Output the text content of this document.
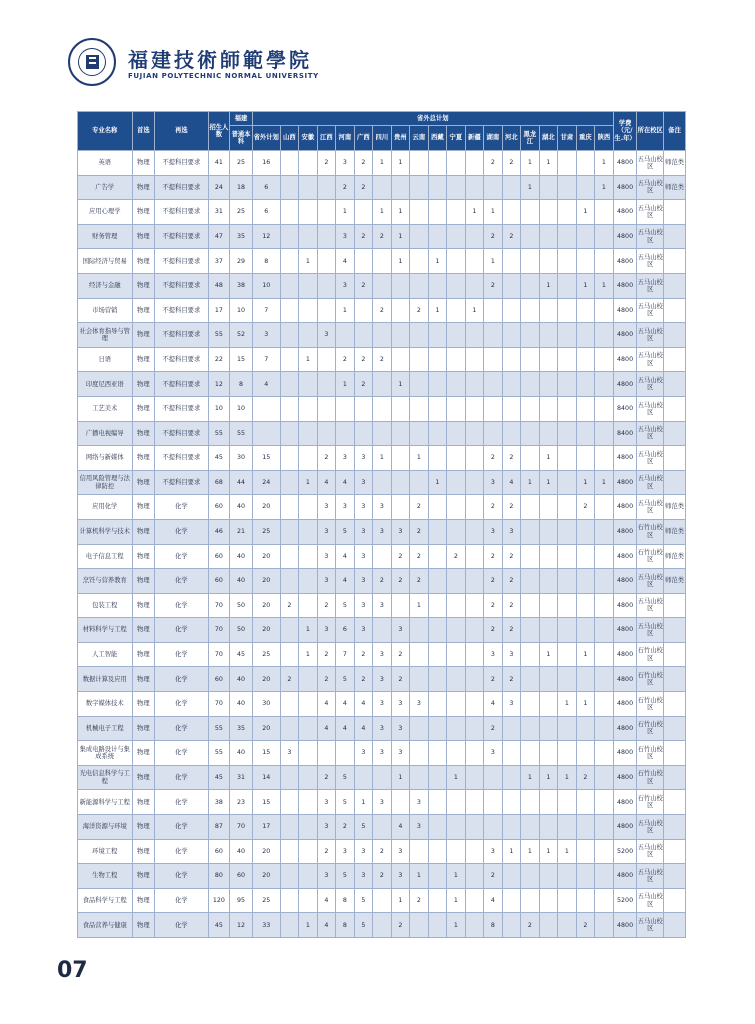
福建技術師範學院
FUJIAN POLYTECHNIC NORMAL UNIVERSITY
专业名称	首选	再选	招生人数	福建	省外总计划																			学费（元/生.年）	所在校区	备注
				普通本科	省外计划	山西	安徽	江西	河南	广西	四川	贵州	云南	西藏	宁夏	新疆	湖南	河北	黑龙江	湖北	甘肃	重庆	陕西			
英语	物理	不提科目要求	41	25	16			2	3	2	1	1					2	2	1	1			1	4800	五马山校区	师范类
广告学	物理	不提科目要求	24	18	6				2	2									1				1	4800	五马山校区	师范类
应用心理学	物理	不提科目要求	31	25	6				1		1	1				1	1					1		4800	五马山校区	
财务管理	物理	不提科目要求	47	35	12				3	2	2	1					2	2						4800	五马山校区	
国际经济与贸易	物理	不提科目要求	37	29	8		1		4			1		1			1							4800	五马山校区	
经济与金融	物理	不提科目要求	48	38	10				3	2							2			1		1	1	4800	五马山校区	
市场营销	物理	不提科目要求	17	10	7				1		2		2	1		1								4800	五马山校区	
社会体育指导与管理	物理	不提科目要求	55	52	3			3																4800	五马山校区	
日语	物理	不提科目要求	22	15	7		1		2	2	2													4800	五马山校区	
印度尼西亚语	物理	不提科目要求	12	8	4				1	2		1												4800	五马山校区	
工艺美术	物理	不提科目要求	10	10																				8400	五马山校区	
广播电视编导	物理	不提科目要求	55	55																				8400	五马山校区	
网络与新媒体	物理	不提科目要求	45	30	15			2	3	3	1		1				2	2		1				4800	五马山校区	
信用风险管理与法律防控	物理	不提科目要求	68	44	24		1	4	4	3				1			3	4	1	1		1	1	4800	五马山校区	
应用化学	物理	化学	60	40	20			3	3	3	3		2				2	2				2		4800	五马山校区	师范类
计算机科学与技术	物理	化学	46	21	25			3	5	3	3	3	2				3	3						4800	石竹山校区	师范类
电子信息工程	物理	化学	60	40	20			3	4	3		2	2		2		2	2						4800	石竹山校区	师范类
烹饪与营养教育	物理	化学	60	40	20			3	4	3	2	2	2				2	2						4800	五马山校区	师范类
包装工程	物理	化学	70	50	20	2		2	5	3	3		1				2	2						4800	五马山校区	
材料科学与工程	物理	化学	70	50	20		1	3	6	3		3					2	2						4800	五马山校区	
人工智能	物理	化学	70	45	25		1	2	7	2	3	2					3	3		1		1		4800	石竹山校区	
数据计算及应用	物理	化学	60	40	20	2		2	5	2	3	2					2	2						4800	石竹山校区	
数字媒体技术	物理	化学	70	40	30			4	4	4	3	3	3				4	3			1	1		4800	石竹山校区	
机械电子工程	物理	化学	55	35	20			4	4	4	3	3					2							4800	石竹山校区	
集成电路设计与集成系统	物理	化学	55	40	15	3				3	3	3					3							4800	石竹山校区	
光电信息科学与工程	物理	化学	45	31	14			2	5			1			1				1	1	1	2		4800	石竹山校区	
新能源科学与工程	物理	化学	38	23	15			3	5	1	3		3											4800	石竹山校区	
海洋资源与环境	物理	化学	87	70	17			3	2	5		4	3											4800	五马山校区	
环境工程	物理	化学	60	40	20			2	3	3	2	3					3	1	1	1	1			5200	五马山校区	
生物工程	物理	化学	80	60	20			3	5	3	2	3	1		1		2							4800	五马山校区	
食品科学与工程	物理	化学	120	95	25			4	8	5		1	2		1		4							5200	五马山校区	
食品营养与健康	物理	化学	45	12	33		1	4	8	5		2			1		8		2			2		4800	五马山校区	
07
